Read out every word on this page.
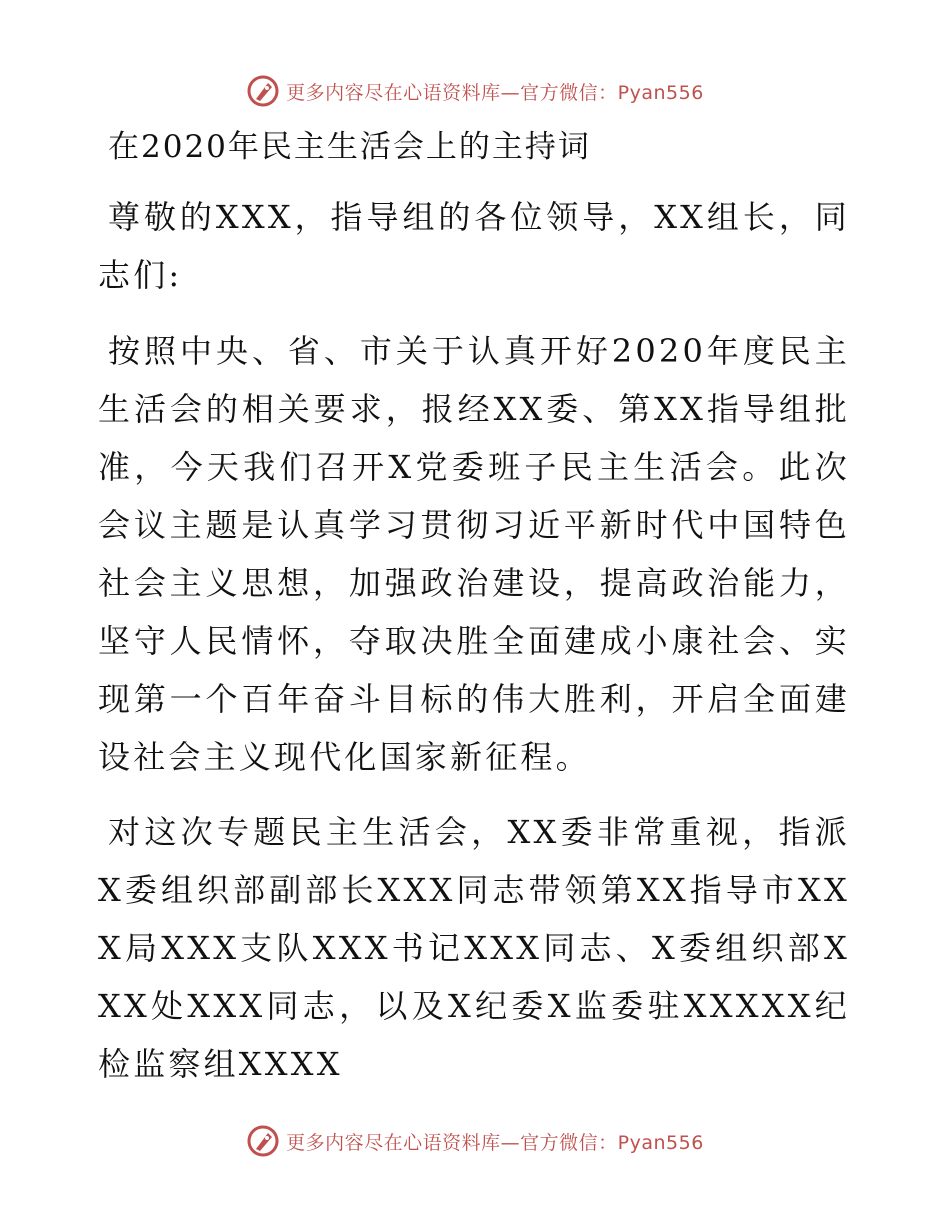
更多内容尽在心语资料库—官方微信：Pyan556
在2020年民主生活会上的主持词

尊敬的XXX，指导组的各位领导，XX组长，同志们:

按照中央、省、市关于认真开好2020年度民主生活会的相关要求，报经XX委、第XX指导组批准，今天我们召开X党委班子民主生活会。此次会议主题是认真学习贯彻习近平新时代中国特色社会主义思想，加强政治建设，提高政治能力，坚守人民情怀，夺取决胜全面建成小康社会、实现第一个百年奋斗目标的伟大胜利，开启全面建设社会主义现代化国家新征程。

对这次专题民主生活会，XX委非常重视，指派X委组织部副部长XXX同志带领第XX指导市XXX局XXX支队XXX书记XXX同志、X委组织部XXX处XXX同志，以及X纪委X监委驻XXXXX纪检监察组XXXX

更多内容尽在心语资料库—官方微信：Pyan556
